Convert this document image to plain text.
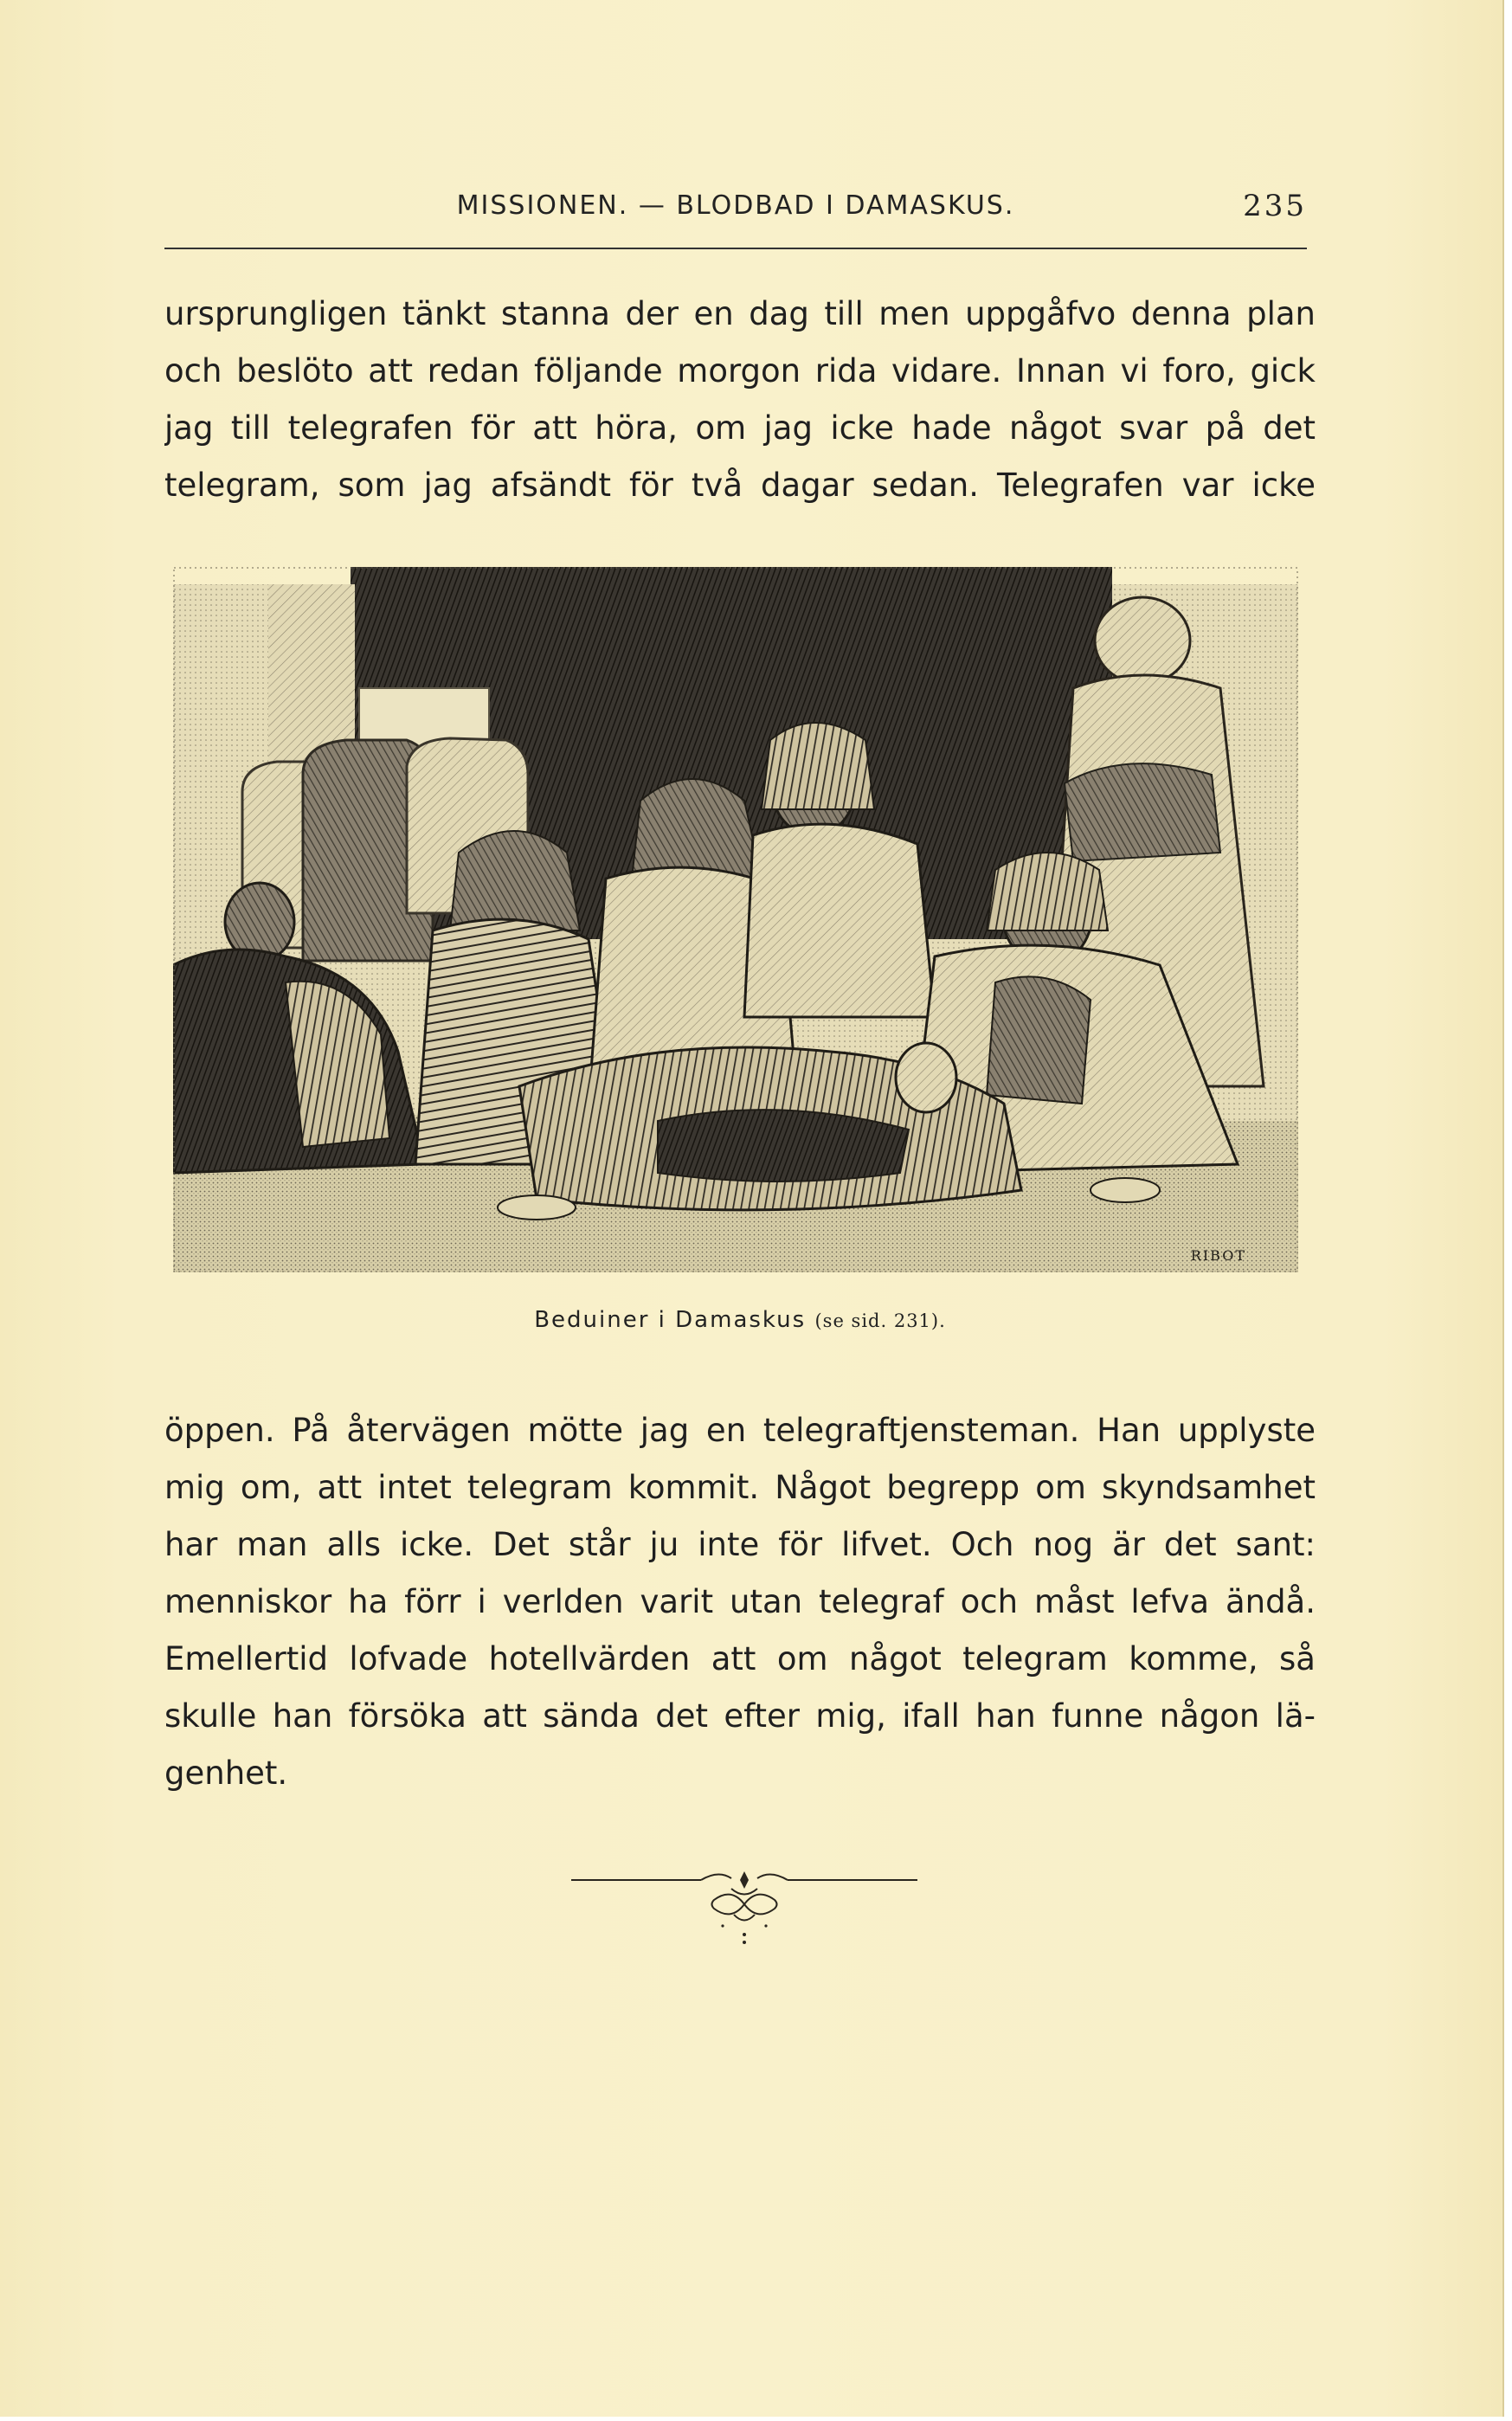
MISSIONEN. — BLODBAD I DAMASKUS.	235
ursprungligen tänkt stanna der en dag till men uppgåfvo denna plan
och beslöto att redan följande morgon rida vidare. Innan vi foro, gick
jag till telegrafen för att höra, om jag icke hade något svar på det
telegram, som jag afsändt för två dagar sedan. Telegrafen var icke
RIBOT
Beduiner i Damaskus (se sid. 231).
öppen. På återvägen mötte jag en telegraftjensteman. Han upplyste
mig om, att intet telegram kommit. Något begrepp om skyndsamhet
har man alls icke. Det står ju inte för lifvet. Och nog är det sant:
menniskor ha förr i verlden varit utan telegraf och måst lefva ändå.
Emellertid lofvade hotellvärden att om något telegram komme, så
skulle han försöka att sända det efter mig, ifall han funne någon lä-
genhet.
